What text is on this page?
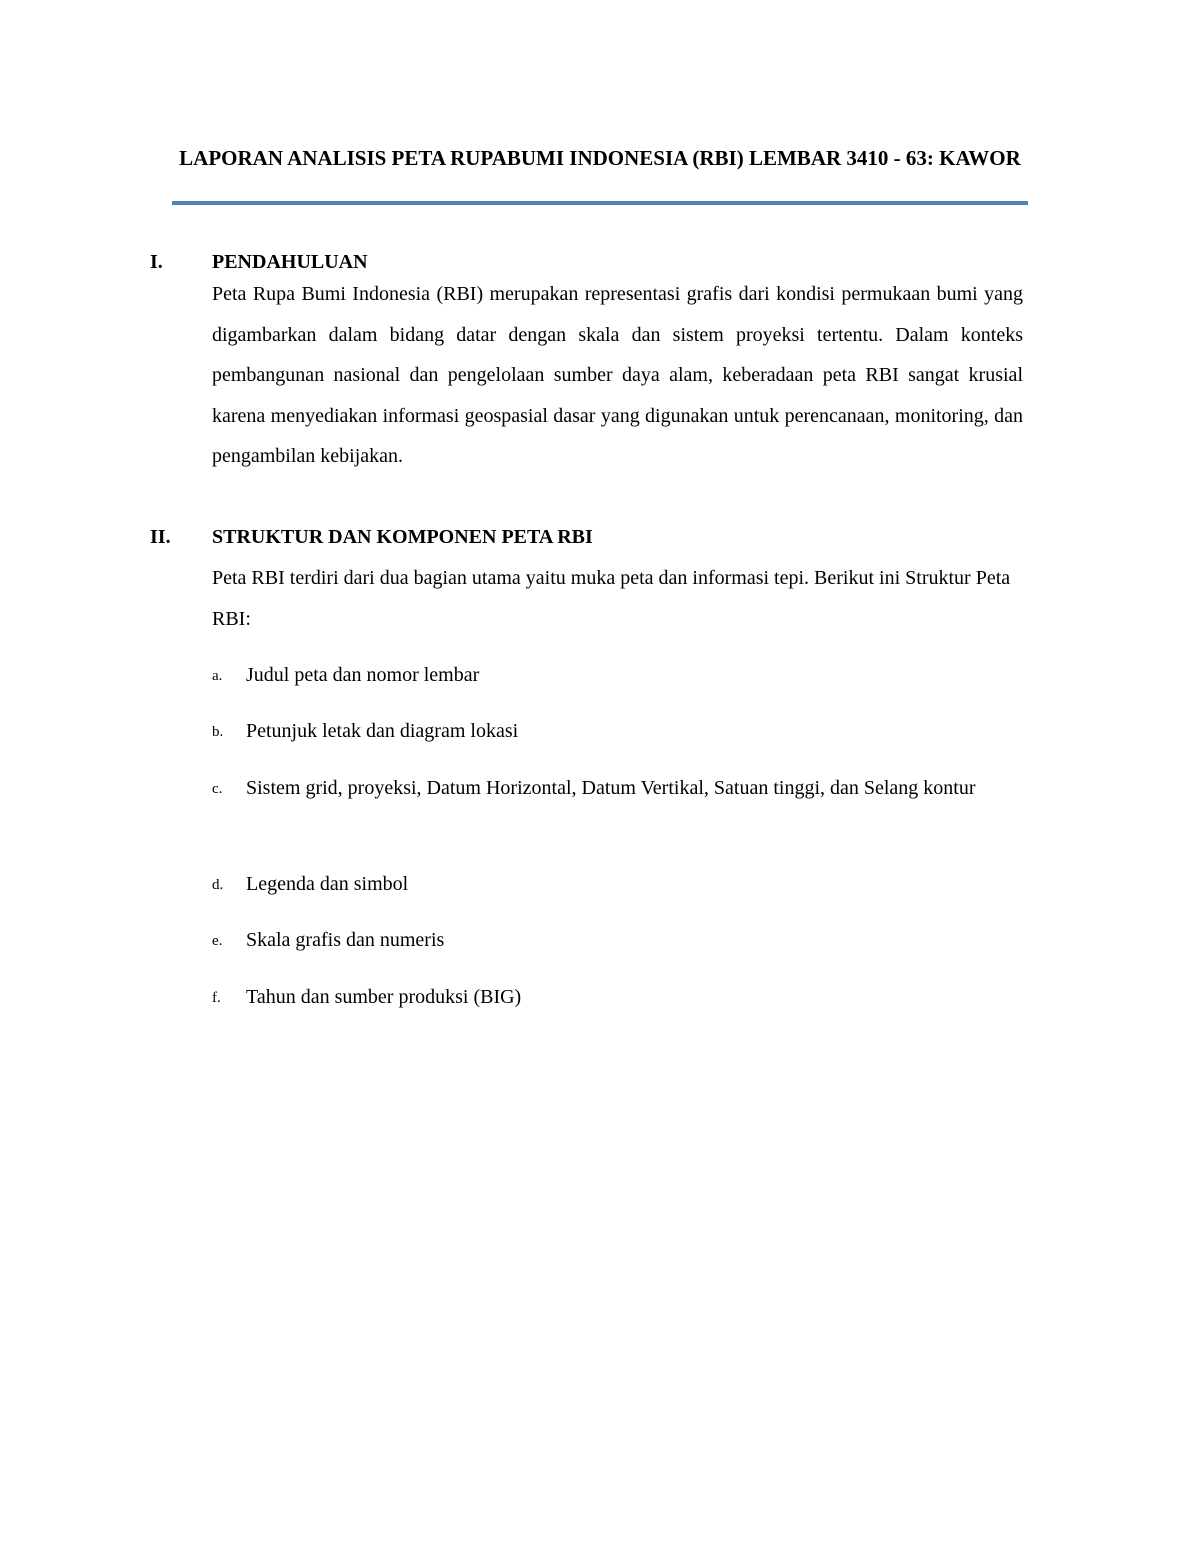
LAPORAN ANALISIS PETA RUPABUMI INDONESIA (RBI) LEMBAR 3410 - 63: KAWOR
I.	PENDAHULUAN
Peta Rupa Bumi Indonesia (RBI) merupakan representasi grafis dari kondisi permukaan bumi yang digambarkan dalam bidang datar dengan skala dan sistem proyeksi tertentu. Dalam konteks pembangunan nasional dan pengelolaan sumber daya alam, keberadaan peta RBI sangat krusial karena menyediakan informasi geospasial dasar yang digunakan untuk perencanaan, monitoring, dan pengambilan kebijakan.
II.	STRUKTUR DAN KOMPONEN PETA RBI
Peta RBI terdiri dari dua bagian utama yaitu muka peta dan informasi tepi. Berikut ini Struktur Peta RBI:
a. Judul peta dan nomor lembar
b. Petunjuk letak dan diagram lokasi
c. Sistem grid, proyeksi, Datum Horizontal, Datum Vertikal, Satuan tinggi, dan Selang kontur
d. Legenda dan simbol
e. Skala grafis dan numeris
f. Tahun dan sumber produksi (BIG)
